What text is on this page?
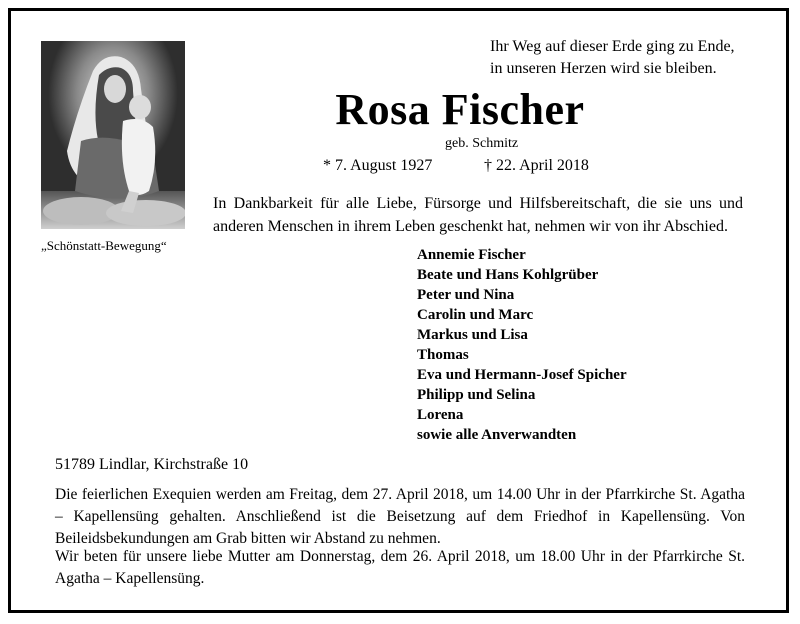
„Schönstatt-Bewegung“
Ihr Weg auf dieser Erde ging zu Ende,
in unseren Herzen wird sie bleiben.
Rosa Fischer
geb. Schmitz
* 7. August 1927	† 22. April 2018
In Dankbarkeit für alle Liebe, Fürsorge und Hilfsbereitschaft, die sie uns und anderen Menschen in ihrem Leben geschenkt hat, nehmen wir von ihr Abschied.
Annemie Fischer
Beate und Hans Kohlgrüber
Peter und Nina
Carolin und Marc
Markus und Lisa
Thomas
Eva und Hermann-Josef Spicher
Philipp und Selina
Lorena
sowie alle Anverwandten
51789 Lindlar, Kirchstraße 10
Die feierlichen Exequien werden am Freitag, dem 27. April 2018, um 14.00 Uhr in der Pfarrkirche St. Agatha – Kapellensüng gehalten. Anschließend ist die Beisetzung auf dem Friedhof in Kapellensüng. Von Beileidsbekundungen am Grab bitten wir Abstand zu nehmen.
Wir beten für unsere liebe Mutter am Donnerstag, dem 26. April 2018, um 18.00 Uhr in der Pfarrkirche St. Agatha – Kapellensüng.
